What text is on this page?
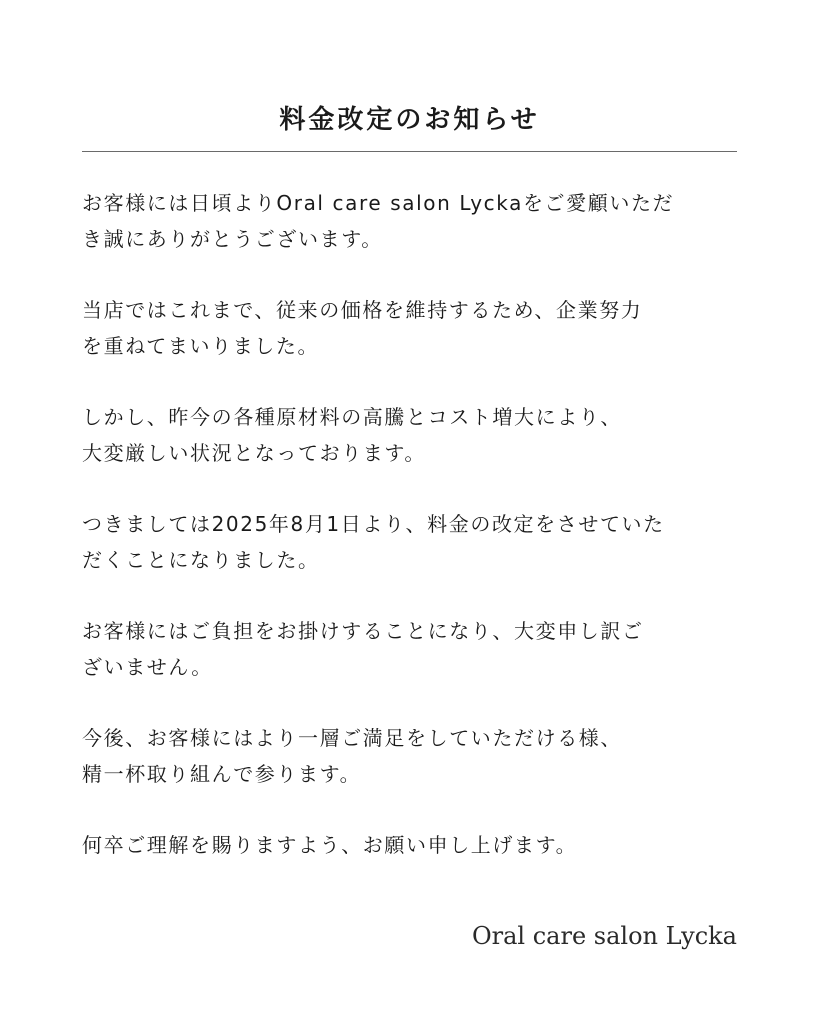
料金改定のお知らせ

お客様には日頃よりOral care salon Lyckaをご愛顧いただ
き誠にありがとうございます。

当店ではこれまで、従来の価格を維持するため、企業努力
を重ねてまいりました。

しかし、昨今の各種原材料の高騰とコスト増大により、
大変厳しい状況となっております。

つきましては2025年8月1日より、料金の改定をさせていた
だくことになりました。

お客様にはご負担をお掛けすることになり、大変申し訳ご
ざいません。

今後、お客様にはより一層ご満足をしていただける様、
精一杯取り組んで参ります。

何卒ご理解を賜りますよう、お願い申し上げます。

Oral care salon Lycka
